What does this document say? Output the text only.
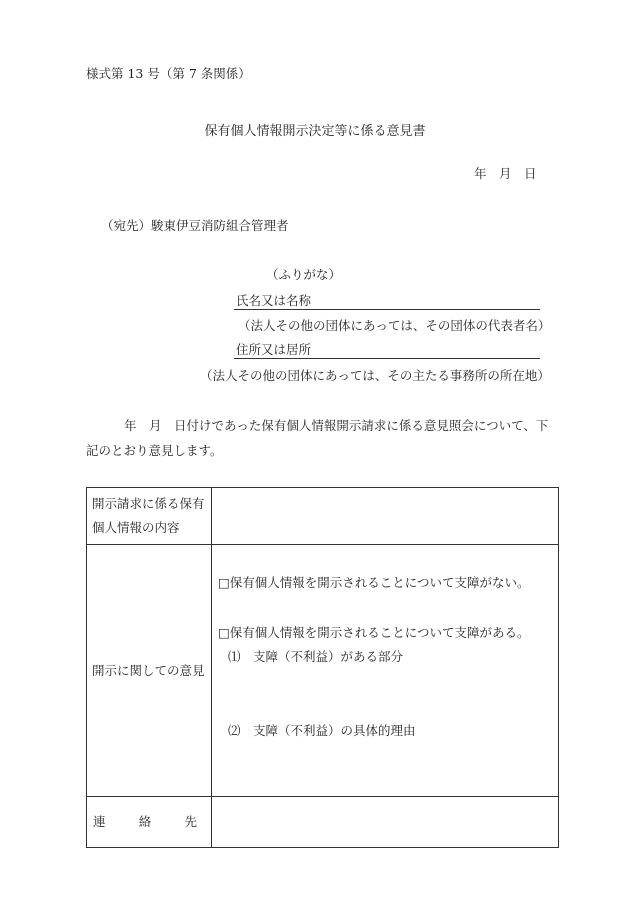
様式第 13 号（第 7 条関係）
保有個人情報開示決定等に係る意見書
年　月　日
（宛先）駿東伊豆消防組合管理者
（ふりがな）
氏名又は名称
（法人その他の団体にあっては、その団体の代表者名）
住所又は居所
（法人その他の団体にあっては、その主たる事務所の所在地）
年　月　日付けであった保有個人情報開示請求に係る意見照会について、下
記のとおり意見します。
開示請求に係る保有
個人情報の内容	

開示に関しての意見	□保有個人情報を開示されることについて支障がない。
□保有個人情報を開示されることについて支障がある。
⑴　支障（不利益）がある部分
⑵　支障（不利益）の具体的理由

連 絡 先	
